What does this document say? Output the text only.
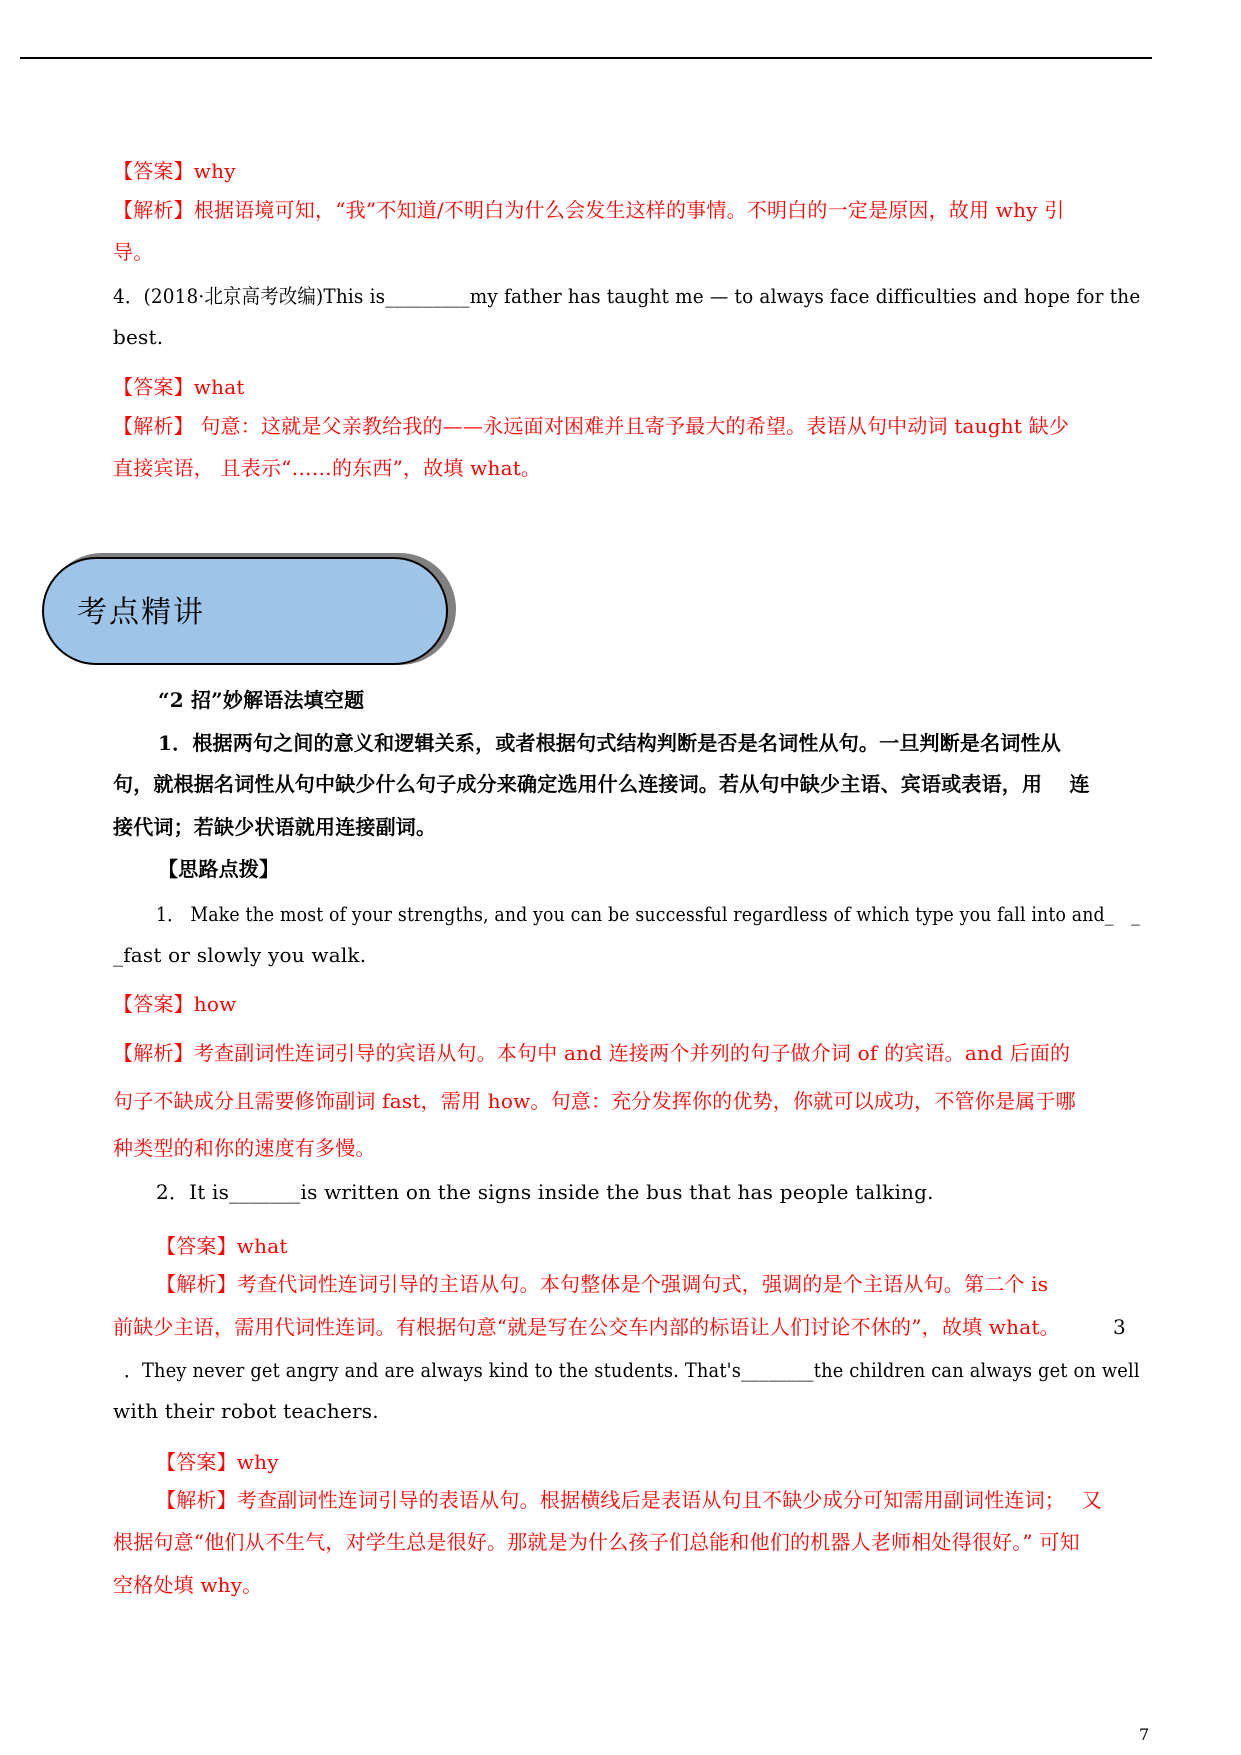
【答案】why
【解析】根据语境可知，“我”不知道/不明白为什么会发生这样的事情。不明白的一定是原因，故用 why 引
导。
4．(2018·北京高考改编)This is_________my father has taught me — to always face difficulties and hope for the
best.
【答案】what
【解析】 句意：这就是父亲教给我的——永远面对困难并且寄予最大的希望。表语从句中动词 taught 缺少
直接宾语， 且表示“……的东西”，故填 what。
考点精讲
“2 招”妙解语法填空题
1．根据两句之间的意义和逻辑关系，或者根据句式结构判断是否是名词性从句。一旦判断是名词性从
句，就根据名词性从句中缺少什么句子成分来确定选用什么连接词。若从句中缺少主语、宾语或表语，用　 连
接代词；若缺少状语就用连接副词。
【思路点拨】
1． Make the most of your strengths, and you can be successful regardless of which type you fall into and_　_
_fast or slowly you walk.
【答案】how
【解析】考查副词性连词引导的宾语从句。本句中 and 连接两个并列的句子做介词 of 的宾语。and 后面的
句子不缺成分且需要修饰副词 fast，需用 how。句意：充分发挥你的优势，你就可以成功，不管你是属于哪
种类型的和你的速度有多慢。
2．It is_______is written on the signs inside the bus that has people talking.
【答案】what
【解析】考查代词性连词引导的主语从句。本句整体是个强调句式，强调的是个主语从句。第二个 is
前缺少主语，需用代词性连词。有根据句意“就是写在公交车内部的标语让人们讨论不休的”，故填 what。	3
．They never get angry and are always kind to the students. That's________the children can always get on well
with their robot teachers.
【答案】why
【解析】考查副词性连词引导的表语从句。根据横线后是表语从句且不缺少成分可知需用副词性连词；　 又
根据句意“他们从不生气，对学生总是很好。那就是为什么孩子们总能和他们的机器人老师相处得很好。” 可知
空格处填 why。
7
